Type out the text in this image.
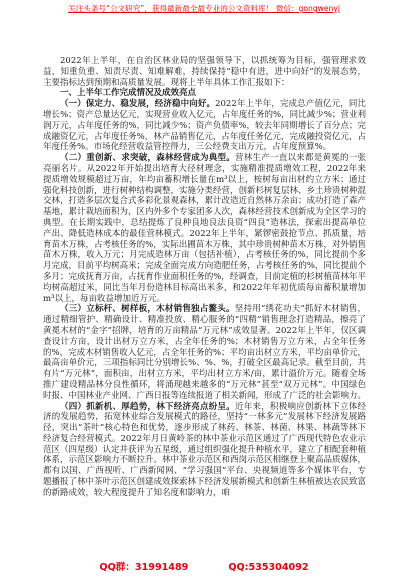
关注头条号“公文研究”，获得最新最全最专业的公文资料库！ 微信：gongwenyj

2022年上半年，在自治区林业局的坚强领导下，以抓统筹为目标，强管理求效益，知重负重、知责尽责、知难解难，持续保持“稳中有进，进中向好”的发展态势，主要指标达到预期和高质量发展。现将上半年具体工作汇报如下：

一、上半年工作完成情况及成效亮点

（一）保定力、稳发展，经济稳中向好。2022年上半年，完成总产值亿元，同比增长%；资产总量达亿元，实现营业收入亿元，占年度任务的%，同比减少%；营业利润万元，占年度任务的%，同比减少%；资产负债率%，较去年同期增长了百分点；完成融资亿元，占年度任务%，林产品销售亿元，占年度任务亿元，完成融投资亿元，占年度任务%。市场化经营收益管控得力，三公经费支出万元，占年度预算%。

（二）重创新、求突破，森林经营成为典型。营林生产一直以来都是黄冕的一张亮丽名片。从2022年开始提出培育大径材理念，实施精准提质增效工程，2022年来提质增效规模超过万亩，年均亩蓄积增长量在m³以上，桉树每亩出材约立方米；通过强化科技创新，进行树种结构调整，实施分类经营，创新杉树复层林、乡土珍贵树种混交林，打造多层次复合式多彩化景观森林，累计改造近自然林万余亩；成功打造了森产基地，累计栽培面积为，区内外多个专家团多人次，森林经营技术创新成为全区学习的典型。在长期实践中，总结提炼了良种良地良法良资“四良”造林法，探索出提高单位产出、降低造林成本的最佳营林模式。2022年上半年，紧锣密鼓抢节点、抓质量，培育苗木万株，占考核任务的%，实际出圃苗木万株，其中珍贵树种苗木万株，对外销售苗木万株，收入万元；月完成造林万亩（包括补植），占考核任务的%，同比提前个多月完成，目前平均树高米；完成全面完成方向造肥任务，占考核任务的%，同比提前个多月；完成抚育万亩，占抚育作业面积任务的%，经调查，目前定植的杉树植苗林年平均树高超过米，同比当年月份造林目标高出米多，和2022年年初优质每亩蓄积量增加m³以上，每亩收益增加近万元。

（三）立标杆、树样板，木材销售独占鳌头。坚持用“绣花功夫”抓好木材销售，通过精细管护、精确设计、精准投放、精心服务的“四精”销售理念打造精品，擦亮了黄冕木材的“金字”招牌，培育的万亩精品“万元林”成效显著。2022年上半年，仅区调查设计方亩，设计出材万立方米，占全年任务的%；木材销售万立方米，占全年任务的%，完成木材销售收入亿元，占全年任务的%；平均亩出材立方米，平均亩单价元，最高亩单价元，三项指标同比分别增长%、%、%，打破全区最高记录。截至目前，共有片“万元林”，面积亩，出材立方米，平均出材立方米/亩，累计溢价万元。随着全场推广建设精品林分良性循环，将涌现越来越多的“万元林”甚至“双万元林”。中国绿色时报、中国林业产业网、广西日报等连续报道了相关新闻，形成了广泛的社会影响力。

（四）抓新机、厚趋势，林下经济亮点纷呈。近年来，积极响应创新林下立体经济的发展趋势，拓宽林业综合发展模式的路径，坚持“一林多元”发展林下经济发展路径，突出“茶叶”核心特色和优势，逐步形成了林药、林茶、林菌、林果、林蔬等林下经济复合经营模式。2022年月日黄岭茶的林中茶业示范区通过了广西现代特色农业示范区（四星级）认定并获评为五星级，通过组织强化提升种植水平，建立了相配套种植体系，示范区影响力不断拉升。林中茶业示范区和西岗示范区相继登上聚高品质媒体，都有以国、广西视听、广西新闻网、“学习强国”平台、央视频道等多个媒体平台，专题播报了林中茶叶示范区创建成效探索林下经济发展新模式和创新生林植被达农民致富的新路成效，较大程度提升了知名度和影响力，咱

QQ群：31991489	QQ:535304092
